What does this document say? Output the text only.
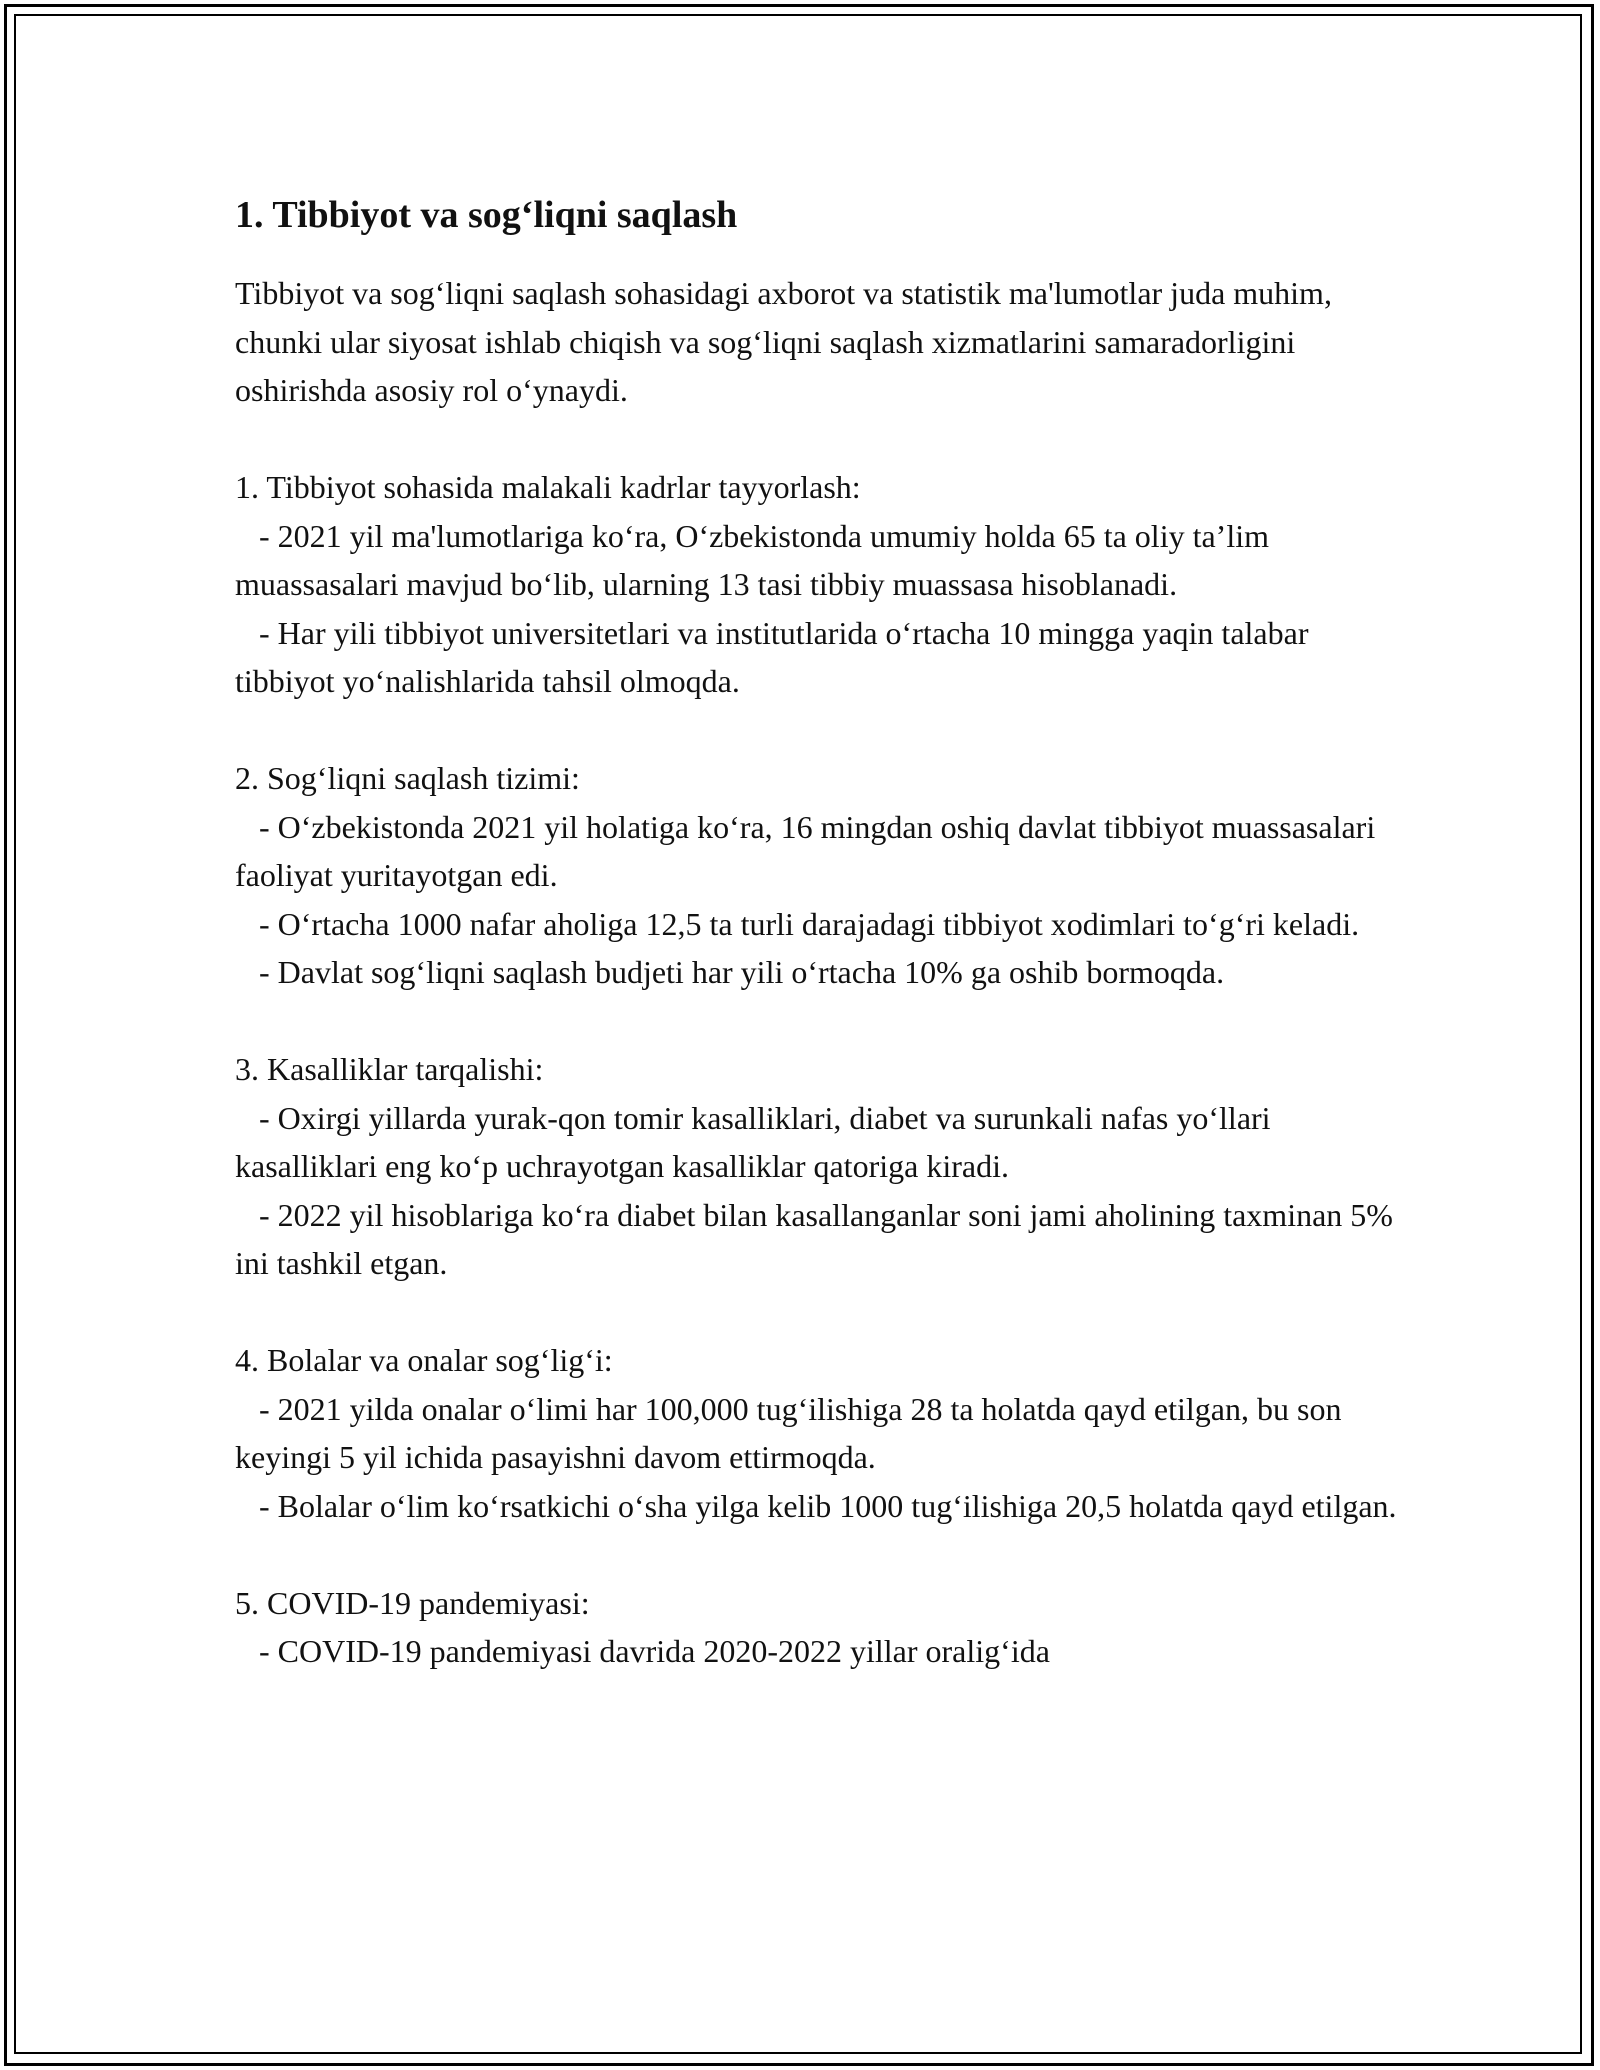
1. Tibbiyot va sog‘liqni saqlash

Tibbiyot va sog‘liqni saqlash sohasidagi axborot va statistik ma'lumotlar juda muhim, chunki ular siyosat ishlab chiqish va sog‘liqni saqlash xizmatlarini samaradorligini oshirishda asosiy rol o‘ynaydi.

1. Tibbiyot sohasida malakali kadrlar tayyorlash:

- 2021 yil ma'lumotlariga ko‘ra, O‘zbekistonda umumiy holda 65 ta oliy ta’lim muassasalari mavjud bo‘lib, ularning 13 tasi tibbiy muassasa hisoblanadi.

- Har yili tibbiyot universitetlari va institutlarida o‘rtacha 10 mingga yaqin talabar tibbiyot yo‘nalishlarida tahsil olmoqda.

2. Sog‘liqni saqlash tizimi:

- O‘zbekistonda 2021 yil holatiga ko‘ra, 16 mingdan oshiq davlat tibbiyot muassasalari faoliyat yuritayotgan edi.

- O‘rtacha 1000 nafar aholiga 12,5 ta turli darajadagi tibbiyot xodimlari to‘g‘ri keladi.

- Davlat sog‘liqni saqlash budjeti har yili o‘rtacha 10% ga oshib bormoqda.

3. Kasalliklar tarqalishi:

- Oxirgi yillarda yurak-qon tomir kasalliklari, diabet va surunkali nafas yo‘llari kasalliklari eng ko‘p uchrayotgan kasalliklar qatoriga kiradi.

- 2022 yil hisoblariga ko‘ra diabet bilan kasallanganlar soni jami aholining taxminan 5% ini tashkil etgan.

4. Bolalar va onalar sog‘lig‘i:

- 2021 yilda onalar o‘limi har 100,000 tug‘ilishiga 28 ta holatda qayd etilgan, bu son keyingi 5 yil ichida pasayishni davom ettirmoqda.

- Bolalar o‘lim ko‘rsatkichi o‘sha yilga kelib 1000 tug‘ilishiga 20,5 holatda qayd etilgan.

5. COVID-19 pandemiyasi:

- COVID-19 pandemiyasi davrida 2020-2022 yillar oralig‘ida
